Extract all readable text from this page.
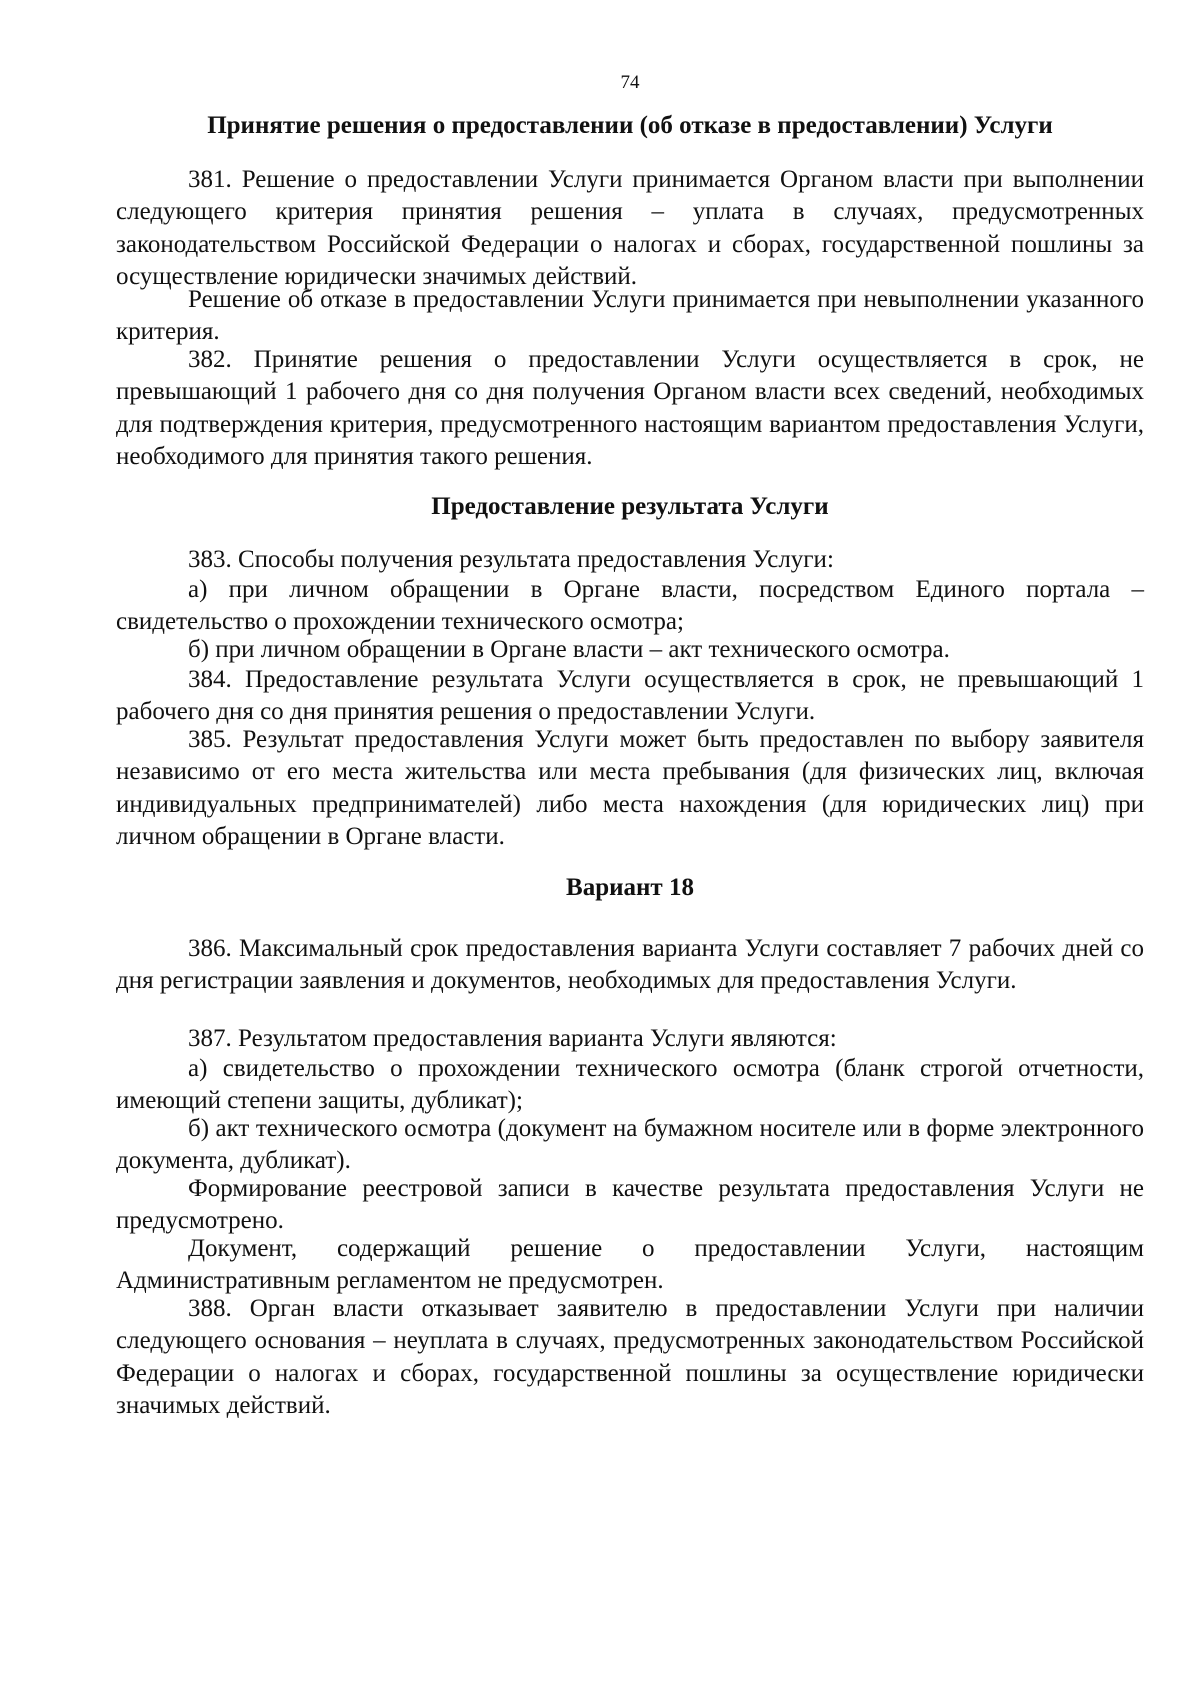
74
Принятие решения о предоставлении (об отказе в предоставлении) Услуги

381. Решение о предоставлении Услуги принимается Органом власти при выполнении следующего критерия принятия решения – уплата в случаях, предусмотренных законодательством Российской Федерации о налогах и сборах, государственной пошлины за осуществление юридически значимых действий.

Решение об отказе в предоставлении Услуги принимается при невыполнении указанного критерия.

382. Принятие решения о предоставлении Услуги осуществляется в срок, не превышающий 1 рабочего дня со дня получения Органом власти всех сведений, необходимых для подтверждения критерия, предусмотренного настоящим вариантом предоставления Услуги, необходимого для принятия такого решения.

Предоставление результата Услуги

383. Способы получения результата предоставления Услуги:

а) при личном обращении в Органе власти, посредством Единого портала – свидетельство о прохождении технического осмотра;

б) при личном обращении в Органе власти – акт технического осмотра.

384. Предоставление результата Услуги осуществляется в срок, не превышающий 1 рабочего дня со дня принятия решения о предоставлении Услуги.

385. Результат предоставления Услуги может быть предоставлен по выбору заявителя независимо от его места жительства или места пребывания (для физических лиц, включая индивидуальных предпринимателей) либо места нахождения (для юридических лиц) при личном обращении в Органе власти.

Вариант 18

386. Максимальный срок предоставления варианта Услуги составляет 7 рабочих дней со дня регистрации заявления и документов, необходимых для предоставления Услуги.

387. Результатом предоставления варианта Услуги являются:

а) свидетельство о прохождении технического осмотра (бланк строгой отчетности, имеющий степени защиты, дубликат);

б) акт технического осмотра (документ на бумажном носителе или в форме электронного документа, дубликат).

Формирование реестровой записи в качестве результата предоставления Услуги не предусмотрено.

Документ, содержащий решение о предоставлении Услуги, настоящим Административным регламентом не предусмотрен.

388. Орган власти отказывает заявителю в предоставлении Услуги при наличии следующего основания – неуплата в случаях, предусмотренных законодательством Российской Федерации о налогах и сборах, государственной пошлины за осуществление юридически значимых действий.
